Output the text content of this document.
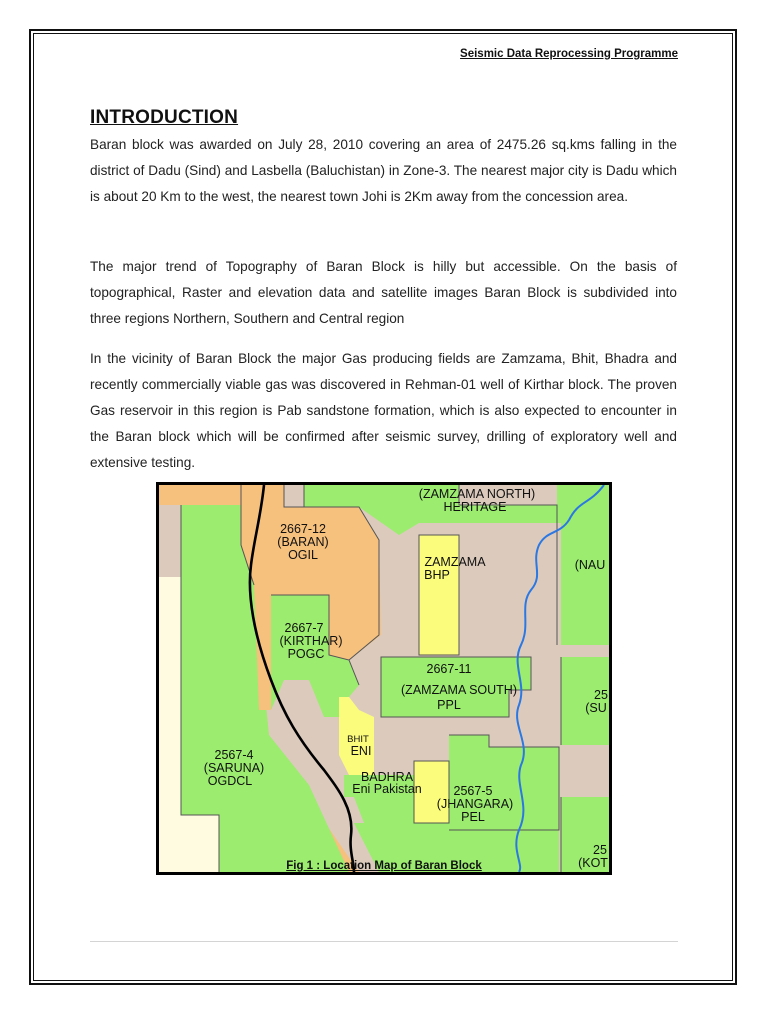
Seismic Data Reprocessing Programme
INTRODUCTION

Baran block was awarded on July 28, 2010 covering an area of 2475.26 sq.kms falling in the district of Dadu (Sind) and Lasbella (Baluchistan) in Zone-3. The nearest major city is Dadu which is about 20 Km to the west, the nearest town Johi is 2Km away from the concession area.

The major trend of Topography of Baran Block is hilly but accessible. On the basis of topographical, Raster and elevation data and satellite images Baran Block is subdivided into three regions Northern, Southern and Central region

In the vicinity of Baran Block the major Gas producing fields are Zamzama, Bhit, Bhadra and recently commercially viable gas was discovered in Rehman-01 well of Kirthar block. The proven Gas reservoir in this region is Pab sandstone formation, which is also expected to encounter in the Baran block which will be confirmed after seismic survey, drilling of exploratory well and extensive testing.

(ZAMZAMA NORTH)
HERITAGE
2667-12
(BARAN)
OGIL	ZAMZAMA
BHP
(NAU
2667-7
(KIRTHAR)
POGC
2667-11
(ZAMZAMA SOUTH)
PPL
25
(SU
BHIT
ENI
2567-4
(SARUNA)
OGDCL	BADHRA
Eni Pakistan	2567-5
(JHANGARA)
PEL
25
(KOT
Fig 1 : Location Map of Baran Block
